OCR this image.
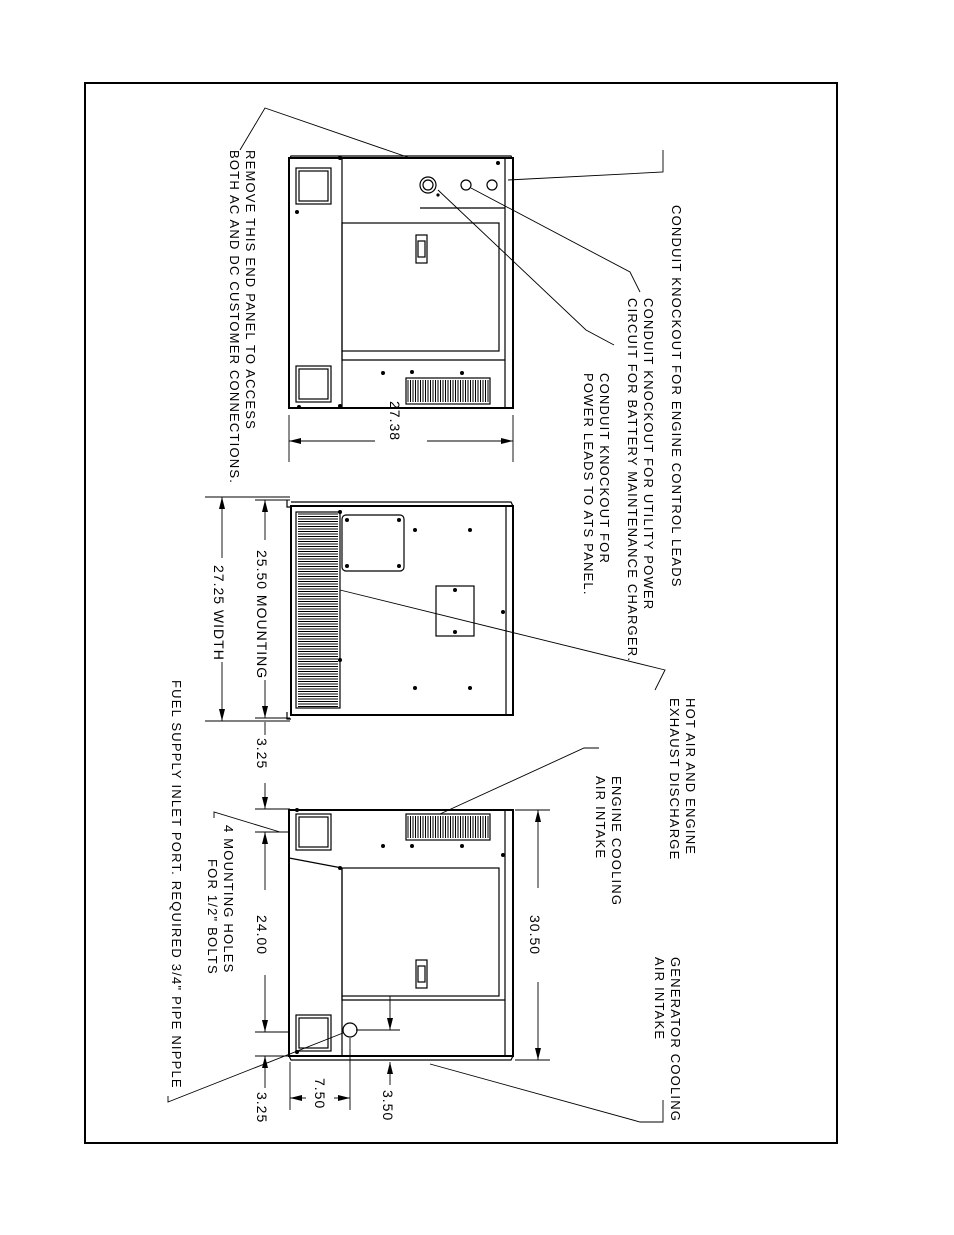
27.38
25.50 MOUNTING
27.25 WIDTH
3.25
30.50
24.00
3.25	7.50	3.50
REMOVE THIS END PANEL TO ACCESS
BOTH AC AND DC CUSTOMER CONNECTIONS.	CONDUIT KNOCKOUT FOR ENGINE CONTROL LEADS
CONDUIT KNOCKOUT FOR UTILITY POWER
CIRCUIT FOR BATTERY MAINTENANCE CHARGER.
CONDUIT KNOCKOUT FOR
POWER LEADS TO ATS PANEL.
HOT AIR AND ENGINE
EXHAUST DISCHARGE
ENGINE COOLING
AIR INTAKE
GENERATOR COOLING
AIR INTAKE
4 MOUNTING HOLES
FOR 1/2" BOLTS
FUEL SUPPLY INLET PORT. REQUIRED 3/4" PIPE NIPPLE
